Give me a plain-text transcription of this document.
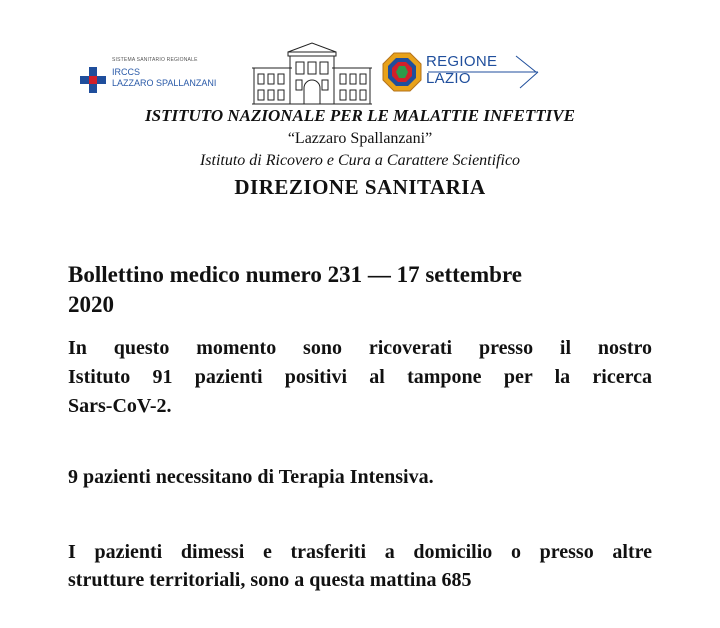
SISTEMA SANITARIO REGIONALE
IRCCS
LAZZARO SPALLANZANI
REGIONE
LAZIO
ISTITUTO NAZIONALE PER LE MALATTIE INFETTIVE
“Lazzaro Spallanzani”
Istituto di Ricovero e Cura a Carattere Scientifico
DIREZIONE SANITARIA
Bollettino medico numero 231 — 17 settembre
2020
In questo momento sono ricoverati presso il nostro
Istituto 91 pazienti positivi al tampone per la ricerca
Sars-CoV-2.
9 pazienti necessitano di Terapia Intensiva.
I pazienti dimessi e trasferiti a domicilio o presso altre
strutture territoriali, sono a questa mattina 685
